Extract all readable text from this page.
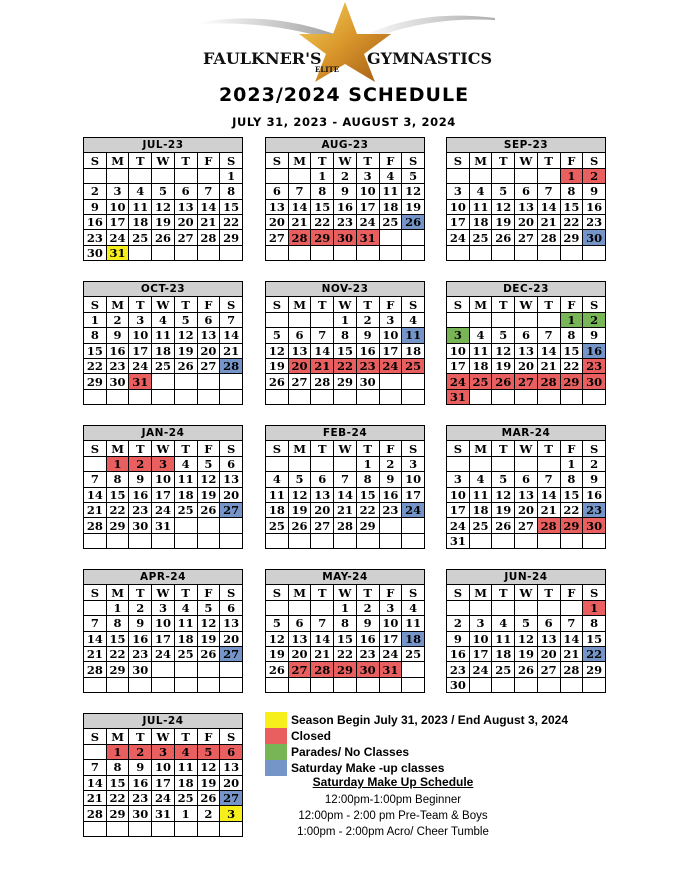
FAULKNER'S
ELITE
GYMNASTICS
2023/2024 SCHEDULE
JULY 31, 2023 - AUGUST 3, 2024
JUL-23						
S	M	T	W	T	F	S
						1
2	3	4	5	6	7	8
9	10	11	12	13	14	15
16	17	18	19	20	21	22
23	24	25	26	27	28	29
30	31					
AUG-23						
S	M	T	W	T	F	S
		1	2	3	4	5
6	7	8	9	10	11	12
13	14	15	16	17	18	19
20	21	22	23	24	25	26
27	28	29	30	31		

SEP-23						
S	M	T	W	T	F	S
					1	2
3	4	5	6	7	8	9
10	11	12	13	14	15	16
17	18	19	20	21	22	23
24	25	26	27	28	29	30

OCT-23						
S	M	T	W	T	F	S
1	2	3	4	5	6	7
8	9	10	11	12	13	14
15	16	17	18	19	20	21
22	23	24	25	26	27	28
29	30	31				

NOV-23						
S	M	T	W	T	F	S
			1	2	3	4
5	6	7	8	9	10	11
12	13	14	15	16	17	18
19	20	21	22	23	24	25
26	27	28	29	30		

DEC-23						
S	M	T	W	T	F	S
					1	2
3	4	5	6	7	8	9
10	11	12	13	14	15	16
17	18	19	20	21	22	23
24	25	26	27	28	29	30
31						
JAN-24						
S	M	T	W	T	F	S
	1	2	3	4	5	6
7	8	9	10	11	12	13
14	15	16	17	18	19	20
21	22	23	24	25	26	27
28	29	30	31			

FEB-24						
S	M	T	W	T	F	S
				1	2	3
4	5	6	7	8	9	10
11	12	13	14	15	16	17
18	19	20	21	22	23	24
25	26	27	28	29		

MAR-24						
S	M	T	W	T	F	S
					1	2
3	4	5	6	7	8	9
10	11	12	13	14	15	16
17	18	19	20	21	22	23
24	25	26	27	28	29	30
31						
APR-24						
S	M	T	W	T	F	S
	1	2	3	4	5	6
7	8	9	10	11	12	13
14	15	16	17	18	19	20
21	22	23	24	25	26	27
28	29	30				

MAY-24						
S	M	T	W	T	F	S
			1	2	3	4
5	6	7	8	9	10	11
12	13	14	15	16	17	18
19	20	21	22	23	24	25
26	27	28	29	30	31	

JUN-24						
S	M	T	W	T	F	S
						1
2	3	4	5	6	7	8
9	10	11	12	13	14	15
16	17	18	19	20	21	22
23	24	25	26	27	28	29
30						
JUL-24						
S	M	T	W	T	F	S
	1	2	3	4	5	6
7	8	9	10	11	12	13
14	15	16	17	18	19	20
21	22	23	24	25	26	27
28	29	30	31	1	2	3

Season Begin July 31, 2023 / End August 3, 2024
Closed
Parades/ No Classes
Saturday Make -up classes
Saturday Make Up Schedule
12:00pm-1:00pm Beginner
12:00pm - 2:00 pm Pre-Team & Boys
1:00pm - 2:00pm Acro/ Cheer Tumble
